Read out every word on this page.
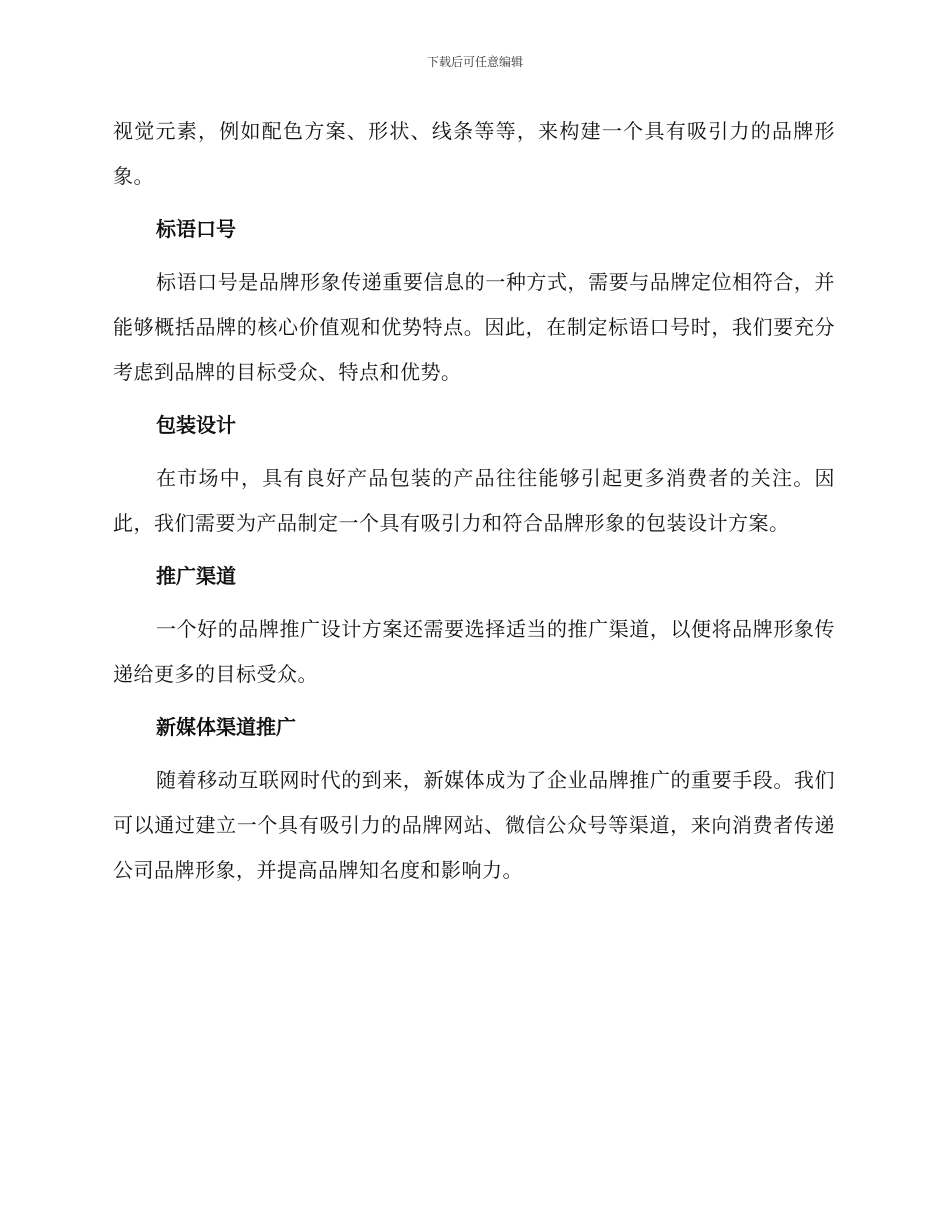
下载后可任意编辑

视觉元素，例如配色方案、形状、线条等等，来构建一个具有吸引力的品牌形象。

标语口号

标语口号是品牌形象传递重要信息的一种方式，需要与品牌定位相符合，并能够概括品牌的核心价值观和优势特点。因此，在制定标语口号时，我们要充分考虑到品牌的目标受众、特点和优势。

包装设计

在市场中，具有良好产品包装的产品往往能够引起更多消费者的关注。因此，我们需要为产品制定一个具有吸引力和符合品牌形象的包装设计方案。

推广渠道

一个好的品牌推广设计方案还需要选择适当的推广渠道，以便将品牌形象传递给更多的目标受众。

新媒体渠道推广

随着移动互联网时代的到来，新媒体成为了企业品牌推广的重要手段。我们可以通过建立一个具有吸引力的品牌网站、微信公众号等渠道，来向消费者传递公司品牌形象，并提高品牌知名度和影响力。
